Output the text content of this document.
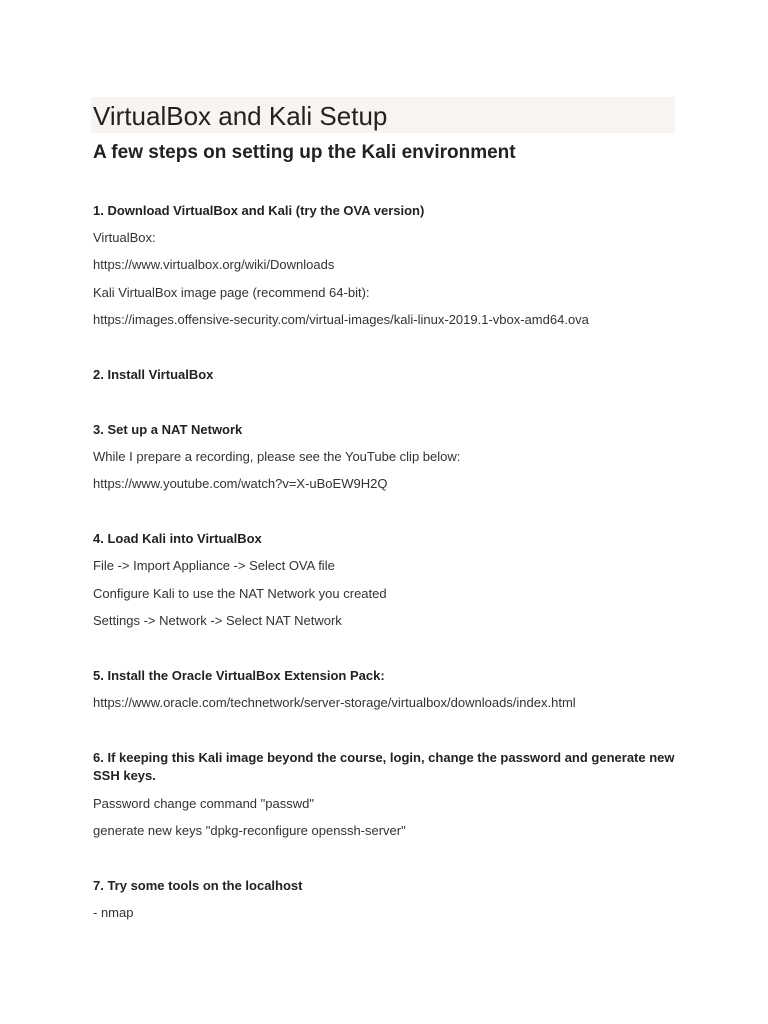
VirtualBox and Kali Setup
A few steps on setting up the Kali environment
1. Download VirtualBox and Kali (try the OVA version)
VirtualBox:
https://www.virtualbox.org/wiki/Downloads
Kali VirtualBox image page (recommend 64-bit):
https://images.offensive-security.com/virtual-images/kali-linux-2019.1-vbox-amd64.ova
2. Install VirtualBox
3. Set up a NAT Network
While I prepare a recording, please see the YouTube clip below:
https://www.youtube.com/watch?v=X-uBoEW9H2Q
4. Load Kali into VirtualBox
File -> Import Appliance -> Select OVA file
Configure Kali to use the NAT Network you created
Settings -> Network -> Select NAT Network
5. Install the Oracle VirtualBox Extension Pack:
https://www.oracle.com/technetwork/server-storage/virtualbox/downloads/index.html
6. If keeping this Kali image beyond the course, login, change the password and generate new SSH keys.
Password change command "passwd"
generate new keys "dpkg-reconfigure openssh-server"
7. Try some tools on the localhost
- nmap
